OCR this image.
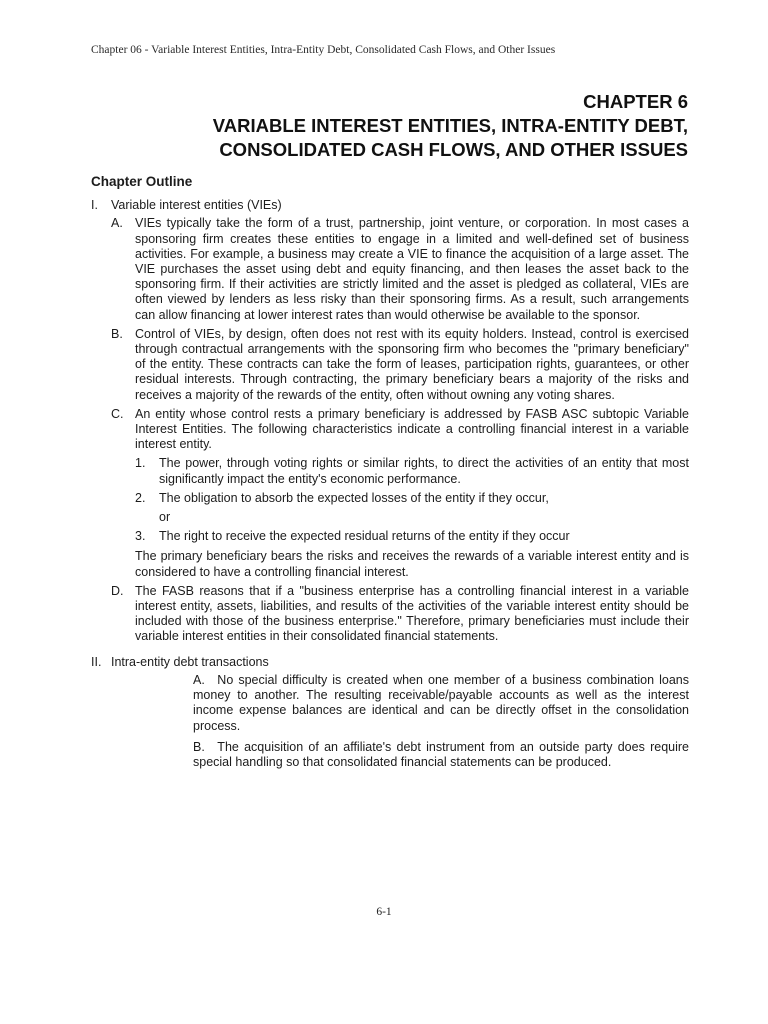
Chapter 06 - Variable Interest Entities, Intra-Entity Debt, Consolidated Cash Flows, and Other Issues
CHAPTER 6
VARIABLE INTEREST ENTITIES, INTRA-ENTITY DEBT,
CONSOLIDATED CASH FLOWS, AND OTHER ISSUES
Chapter Outline
I. Variable interest entities (VIEs)
A. VIEs typically take the form of a trust, partnership, joint venture, or corporation. In most cases a sponsoring firm creates these entities to engage in a limited and well-defined set of business activities. For example, a business may create a VIE to finance the acquisition of a large asset. The VIE purchases the asset using debt and equity financing, and then leases the asset back to the sponsoring firm. If their activities are strictly limited and the asset is pledged as collateral, VIEs are often viewed by lenders as less risky than their sponsoring firms. As a result, such arrangements can allow financing at lower interest rates than would otherwise be available to the sponsor.
B. Control of VIEs, by design, often does not rest with its equity holders. Instead, control is exercised through contractual arrangements with the sponsoring firm who becomes the "primary beneficiary" of the entity. These contracts can take the form of leases, participation rights, guarantees, or other residual interests. Through contracting, the primary beneficiary bears a majority of the risks and receives a majority of the rewards of the entity, often without owning any voting shares.
C. An entity whose control rests a primary beneficiary is addressed by FASB ASC subtopic Variable Interest Entities. The following characteristics indicate a controlling financial interest in a variable interest entity.
1. The power, through voting rights or similar rights, to direct the activities of an entity that most significantly impact the entity's economic performance.
2. The obligation to absorb the expected losses of the entity if they occur,
or
3. The right to receive the expected residual returns of the entity if they occur
The primary beneficiary bears the risks and receives the rewards of a variable interest entity and is considered to have a controlling financial interest.
D. The FASB reasons that if a "business enterprise has a controlling financial interest in a variable interest entity, assets, liabilities, and results of the activities of the variable interest entity should be included with those of the business enterprise." Therefore, primary beneficiaries must include their variable interest entities in their consolidated financial statements.
II. Intra-entity debt transactions
A. No special difficulty is created when one member of a business combination loans money to another. The resulting receivable/payable accounts as well as the interest income expense balances are identical and can be directly offset in the consolidation process.
B. The acquisition of an affiliate's debt instrument from an outside party does require special handling so that consolidated financial statements can be produced.
6-1
